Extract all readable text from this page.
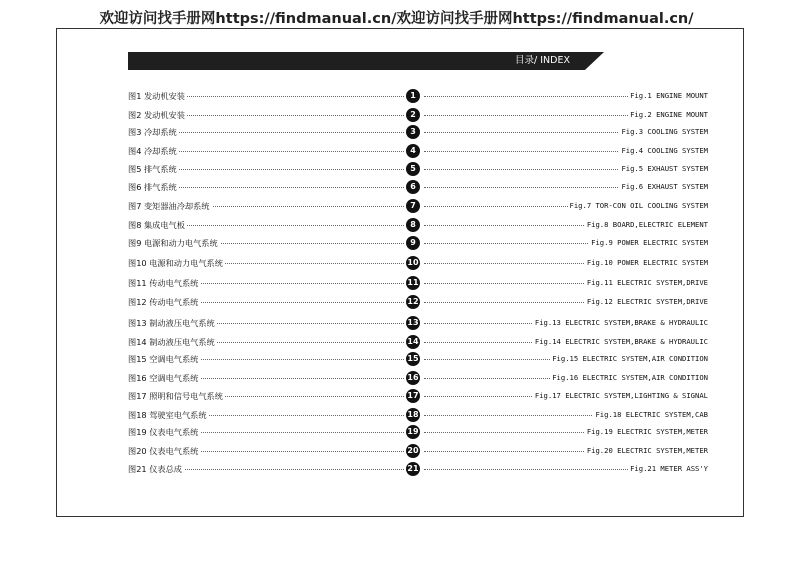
欢迎访问找手册网https://findmanual.cn/欢迎访问找手册网https://findmanual.cn/
目录/ INDEX
图1 发动机安装	1	Fig.1 ENGINE MOUNT
图2 发动机安装	2	Fig.2 ENGINE MOUNT
图3 冷却系统	3	Fig.3 COOLING SYSTEM
图4 冷却系统	4	Fig.4 COOLING SYSTEM
图5 排气系统	5	Fig.5 EXHAUST SYSTEM
图6 排气系统	6	Fig.6 EXHAUST SYSTEM
图7 变矩器油冷却系统	7	Fig.7 TOR-CON OIL COOLING SYSTEM
图8 集成电气板	8	Fig.8 BOARD,ELECTRIC ELEMENT
图9 电源和动力电气系统	9	Fig.9 POWER ELECTRIC SYSTEM
图10 电源和动力电气系统	10	Fig.10 POWER ELECTRIC SYSTEM
图11 传动电气系统	11	Fig.11 ELECTRIC SYSTEM,DRIVE
图12 传动电气系统	12	Fig.12 ELECTRIC SYSTEM,DRIVE
图13 制动液压电气系统	13	Fig.13 ELECTRIC SYSTEM,BRAKE & HYDRAULIC
图14 制动液压电气系统	14	Fig.14 ELECTRIC SYSTEM,BRAKE & HYDRAULIC
图15 空调电气系统	15	Fig.15 ELECTRIC SYSTEM,AIR CONDITION
图16 空调电气系统	16	Fig.16 ELECTRIC SYSTEM,AIR CONDITION
图17 照明和信号电气系统	17	Fig.17 ELECTRIC SYSTEM,LIGHTING & SIGNAL
图18 驾驶室电气系统	18	Fig.18 ELECTRIC SYSTEM,CAB
图19 仪表电气系统	19	Fig.19 ELECTRIC SYSTEM,METER
图20 仪表电气系统	20	Fig.20 ELECTRIC SYSTEM,METER
图21 仪表总成	21	Fig.21 METER ASS'Y
